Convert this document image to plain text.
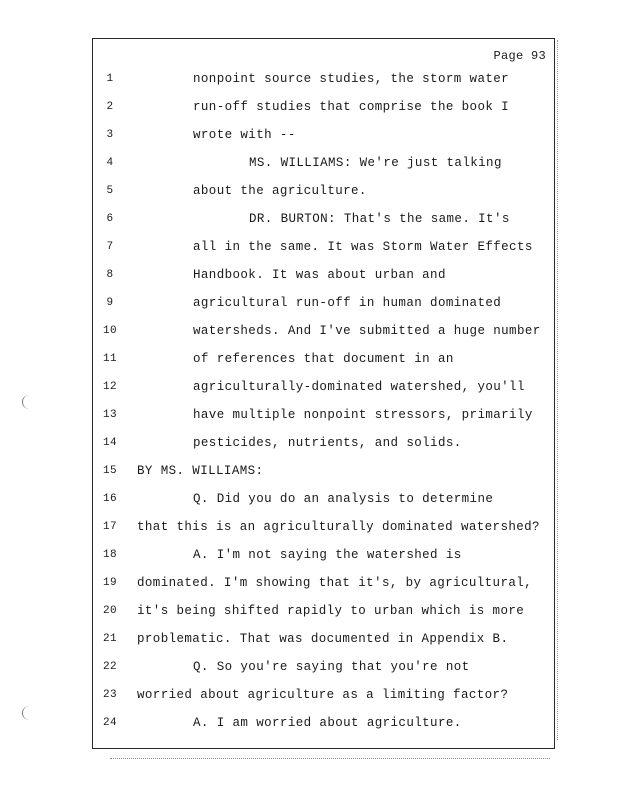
Page 93
1	nonpoint source studies, the storm water
2	run-off studies that comprise the book I
3	wrote with --
4	MS. WILLIAMS: We're just talking
5	about the agriculture.
6	DR. BURTON: That's the same. It's
7	all in the same. It was Storm Water Effects
8	Handbook. It was about urban and
9	agricultural run-off in human dominated
10	watersheds. And I've submitted a huge number
11	of references that document in an
12	agriculturally-dominated watershed, you'll
13	have multiple nonpoint stressors, primarily
14	pesticides, nutrients, and solids.
15 BY MS. WILLIAMS:
16	Q. Did you do an analysis to determine
17 that this is an agriculturally dominated watershed?
18	A. I'm not saying the watershed is
19 dominated. I'm showing that it's, by agricultural,
20 it's being shifted rapidly to urban which is more
21 problematic. That was documented in Appendix B.
22	Q. So you're saying that you're not
23 worried about agriculture as a limiting factor?
24	A. I am worried about agriculture.
